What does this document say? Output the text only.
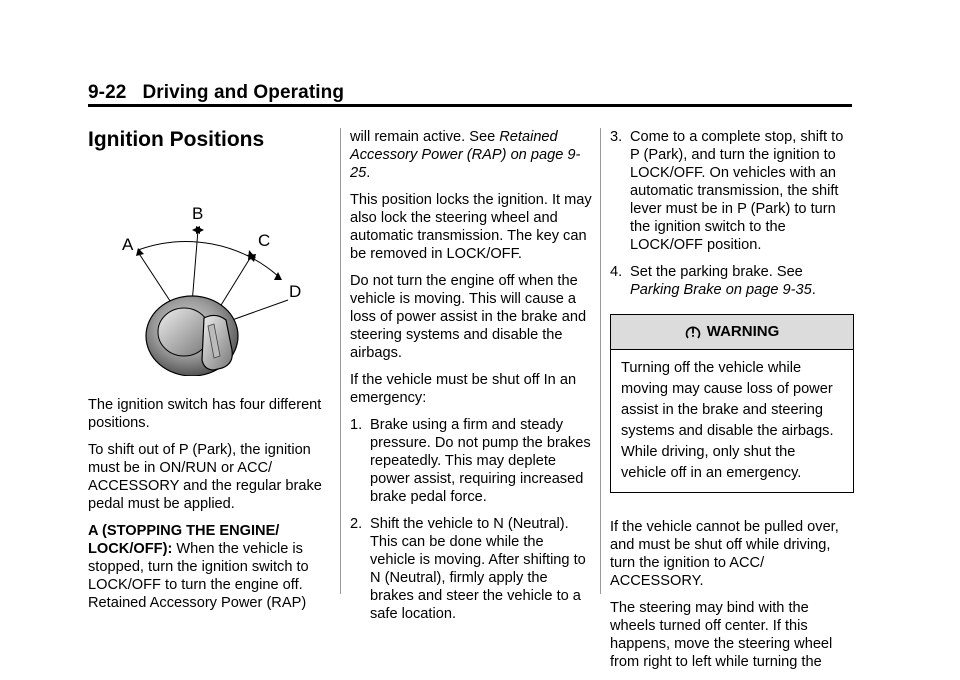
9-22 Driving and Operating
Ignition Positions
A
B
C
D

The ignition switch has four different positions.

To shift out of P (Park), the ignition must be in ON/RUN or ACC/ ACCESSORY and the regular brake pedal must be applied.

A (STOPPING THE ENGINE/ LOCK/OFF): When the vehicle is stopped, turn the ignition switch to LOCK/OFF to turn the engine off. Retained Accessory Power (RAP)

will remain active. See Retained Accessory Power (RAP) on page 9-25.

This position locks the ignition. It may also lock the steering wheel and automatic transmission. The key can be removed in LOCK/OFF.

Do not turn the engine off when the vehicle is moving. This will cause a loss of power assist in the brake and steering systems and disable the airbags.

If the vehicle must be shut off In an emergency:

1. Brake using a firm and steady pressure. Do not pump the brakes repeatedly. This may deplete power assist, requiring increased brake pedal force.
2. Shift the vehicle to N (Neutral). This can be done while the vehicle is moving. After shifting to N (Neutral), firmly apply the brakes and steer the vehicle to a safe location.
3. Come to a complete stop, shift to P (Park), and turn the ignition to LOCK/OFF. On vehicles with an automatic transmission, the shift lever must be in P (Park) to turn the ignition switch to the LOCK/OFF position.
4. Set the parking brake. See Parking Brake on page 9-35.
WARNING
Turning off the vehicle while moving may cause loss of power assist in the brake and steering systems and disable the airbags. While driving, only shut the vehicle off in an emergency.

If the vehicle cannot be pulled over, and must be shut off while driving, turn the ignition to ACC/ ACCESSORY.

The steering may bind with the wheels turned off center. If this happens, move the steering wheel from right to left while turning the
